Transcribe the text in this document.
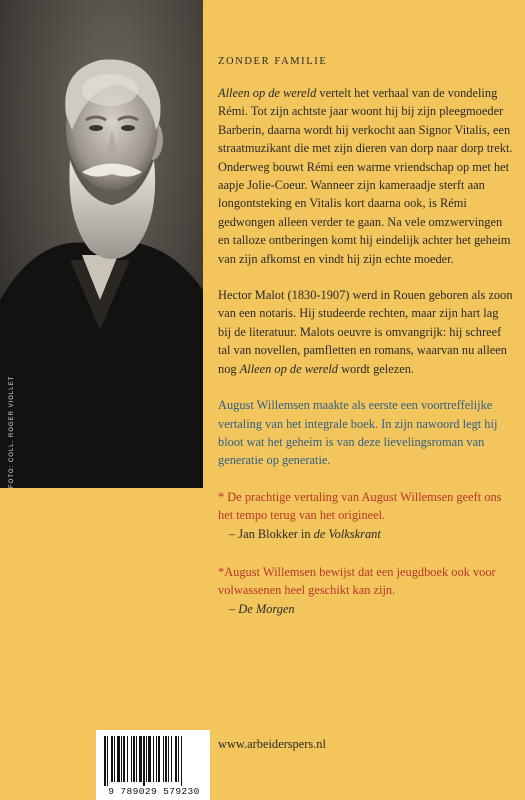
FOTO: COLL. ROGER VIOLLET
ZONDER FAMILIE

Alleen op de wereld vertelt het verhaal van de vondeling Rémi. Tot zijn achtste jaar woont hij bij zijn pleegmoeder Barberin, daarna wordt hij verkocht aan Signor Vitalis, een straatmuzikant die met zijn dieren van dorp naar dorp trekt. Onderweg bouwt Rémi een warme vriendschap op met het aapje Jolie-Coeur. Wanneer zijn kameraadje sterft aan longontsteking en Vitalis kort daarna ook, is Rémi gedwongen alleen verder te gaan. Na vele omzwervingen en talloze ontberingen komt hij eindelijk achter het geheim van zijn afkomst en vindt hij zijn echte moeder.

Hector Malot (1830-1907) werd in Rouen geboren als zoon van een notaris. Hij studeerde rechten, maar zijn hart lag bij de literatuur. Malots oeuvre is omvangrijk: hij schreef tal van novellen, pamfletten en romans, waarvan nu alleen nog Alleen op de wereld wordt gelezen.

August Willemsen maakte als eerste een voortreffelijke vertaling van het integrale boek. In zijn nawoord legt hij bloot wat het geheim is van deze lievelingsroman van generatie op generatie.

* De prachtige vertaling van August Willemsen geeft ons het tempo terug van het origineel.

– Jan Blokker in de Volkskrant

*August Willemsen bewijst dat een jeugdboek ook voor volwassenen heel geschikt kan zijn.

– De Morgen

9 789029 579230
www.arbeiderspers.nl
